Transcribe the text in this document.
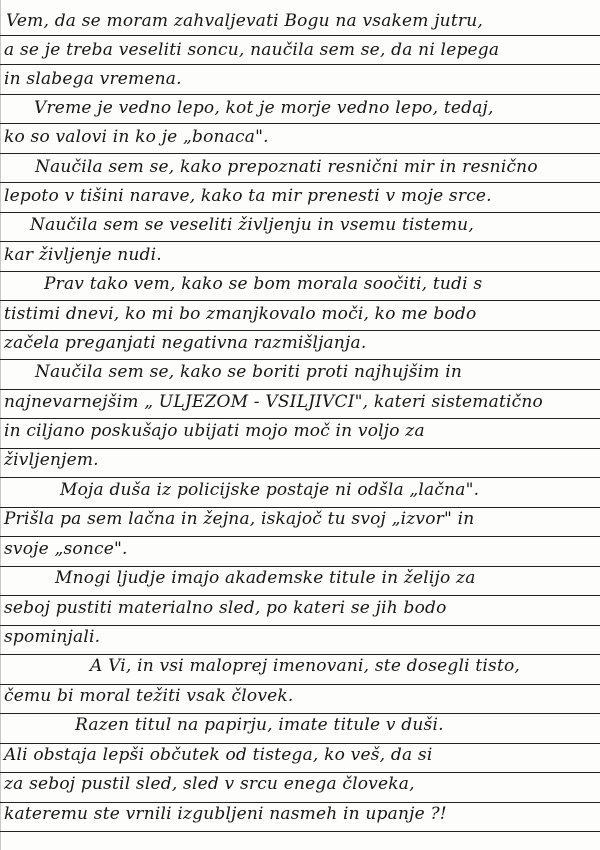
Vem, da se moram zahvaljevati Bogu na vsakem jutru,
a se je treba veseliti soncu, naučila sem se, da ni lepega
in slabega vremena.
Vreme je vedno lepo, kot je morje vedno lepo, tedaj,
ko so valovi in ko je „bonaca".
Naučila sem se, kako prepoznati resnični mir in resnično
lepoto v tišini narave, kako ta mir prenesti v moje srce.
Naučila sem se veseliti življenju in vsemu tistemu,
kar življenje nudi.
Prav tako vem, kako se bom morala soočiti, tudi s
tistimi dnevi, ko mi bo zmanjkovalo moči, ko me bodo
začela preganjati negativna razmišljanja.
Naučila sem se, kako se boriti proti najhujšim in
najnevarnejšim „ ULJEZOM - VSILJIVCI", kateri sistematično
in ciljano poskušajo ubijati mojo moč in voljo za
življenjem.
Moja duša iz policijske postaje ni odšla „lačna".
Prišla pa sem lačna in žejna, iskajoč tu svoj „izvor" in
svoje „sonce".
Mnogi ljudje imajo akademske titule in želijo za
seboj pustiti materialno sled, po kateri se jih bodo
spominjali.
A Vi, in vsi maloprej imenovani, ste dosegli tisto,
čemu bi moral težiti vsak človek.
Razen titul na papirju, imate titule v duši.
Ali obstaja lepši občutek od tistega, ko veš, da si
za seboj pustil sled, sled v srcu enega človeka,
kateremu ste vrnili izgubljeni nasmeh in upanje ?!
